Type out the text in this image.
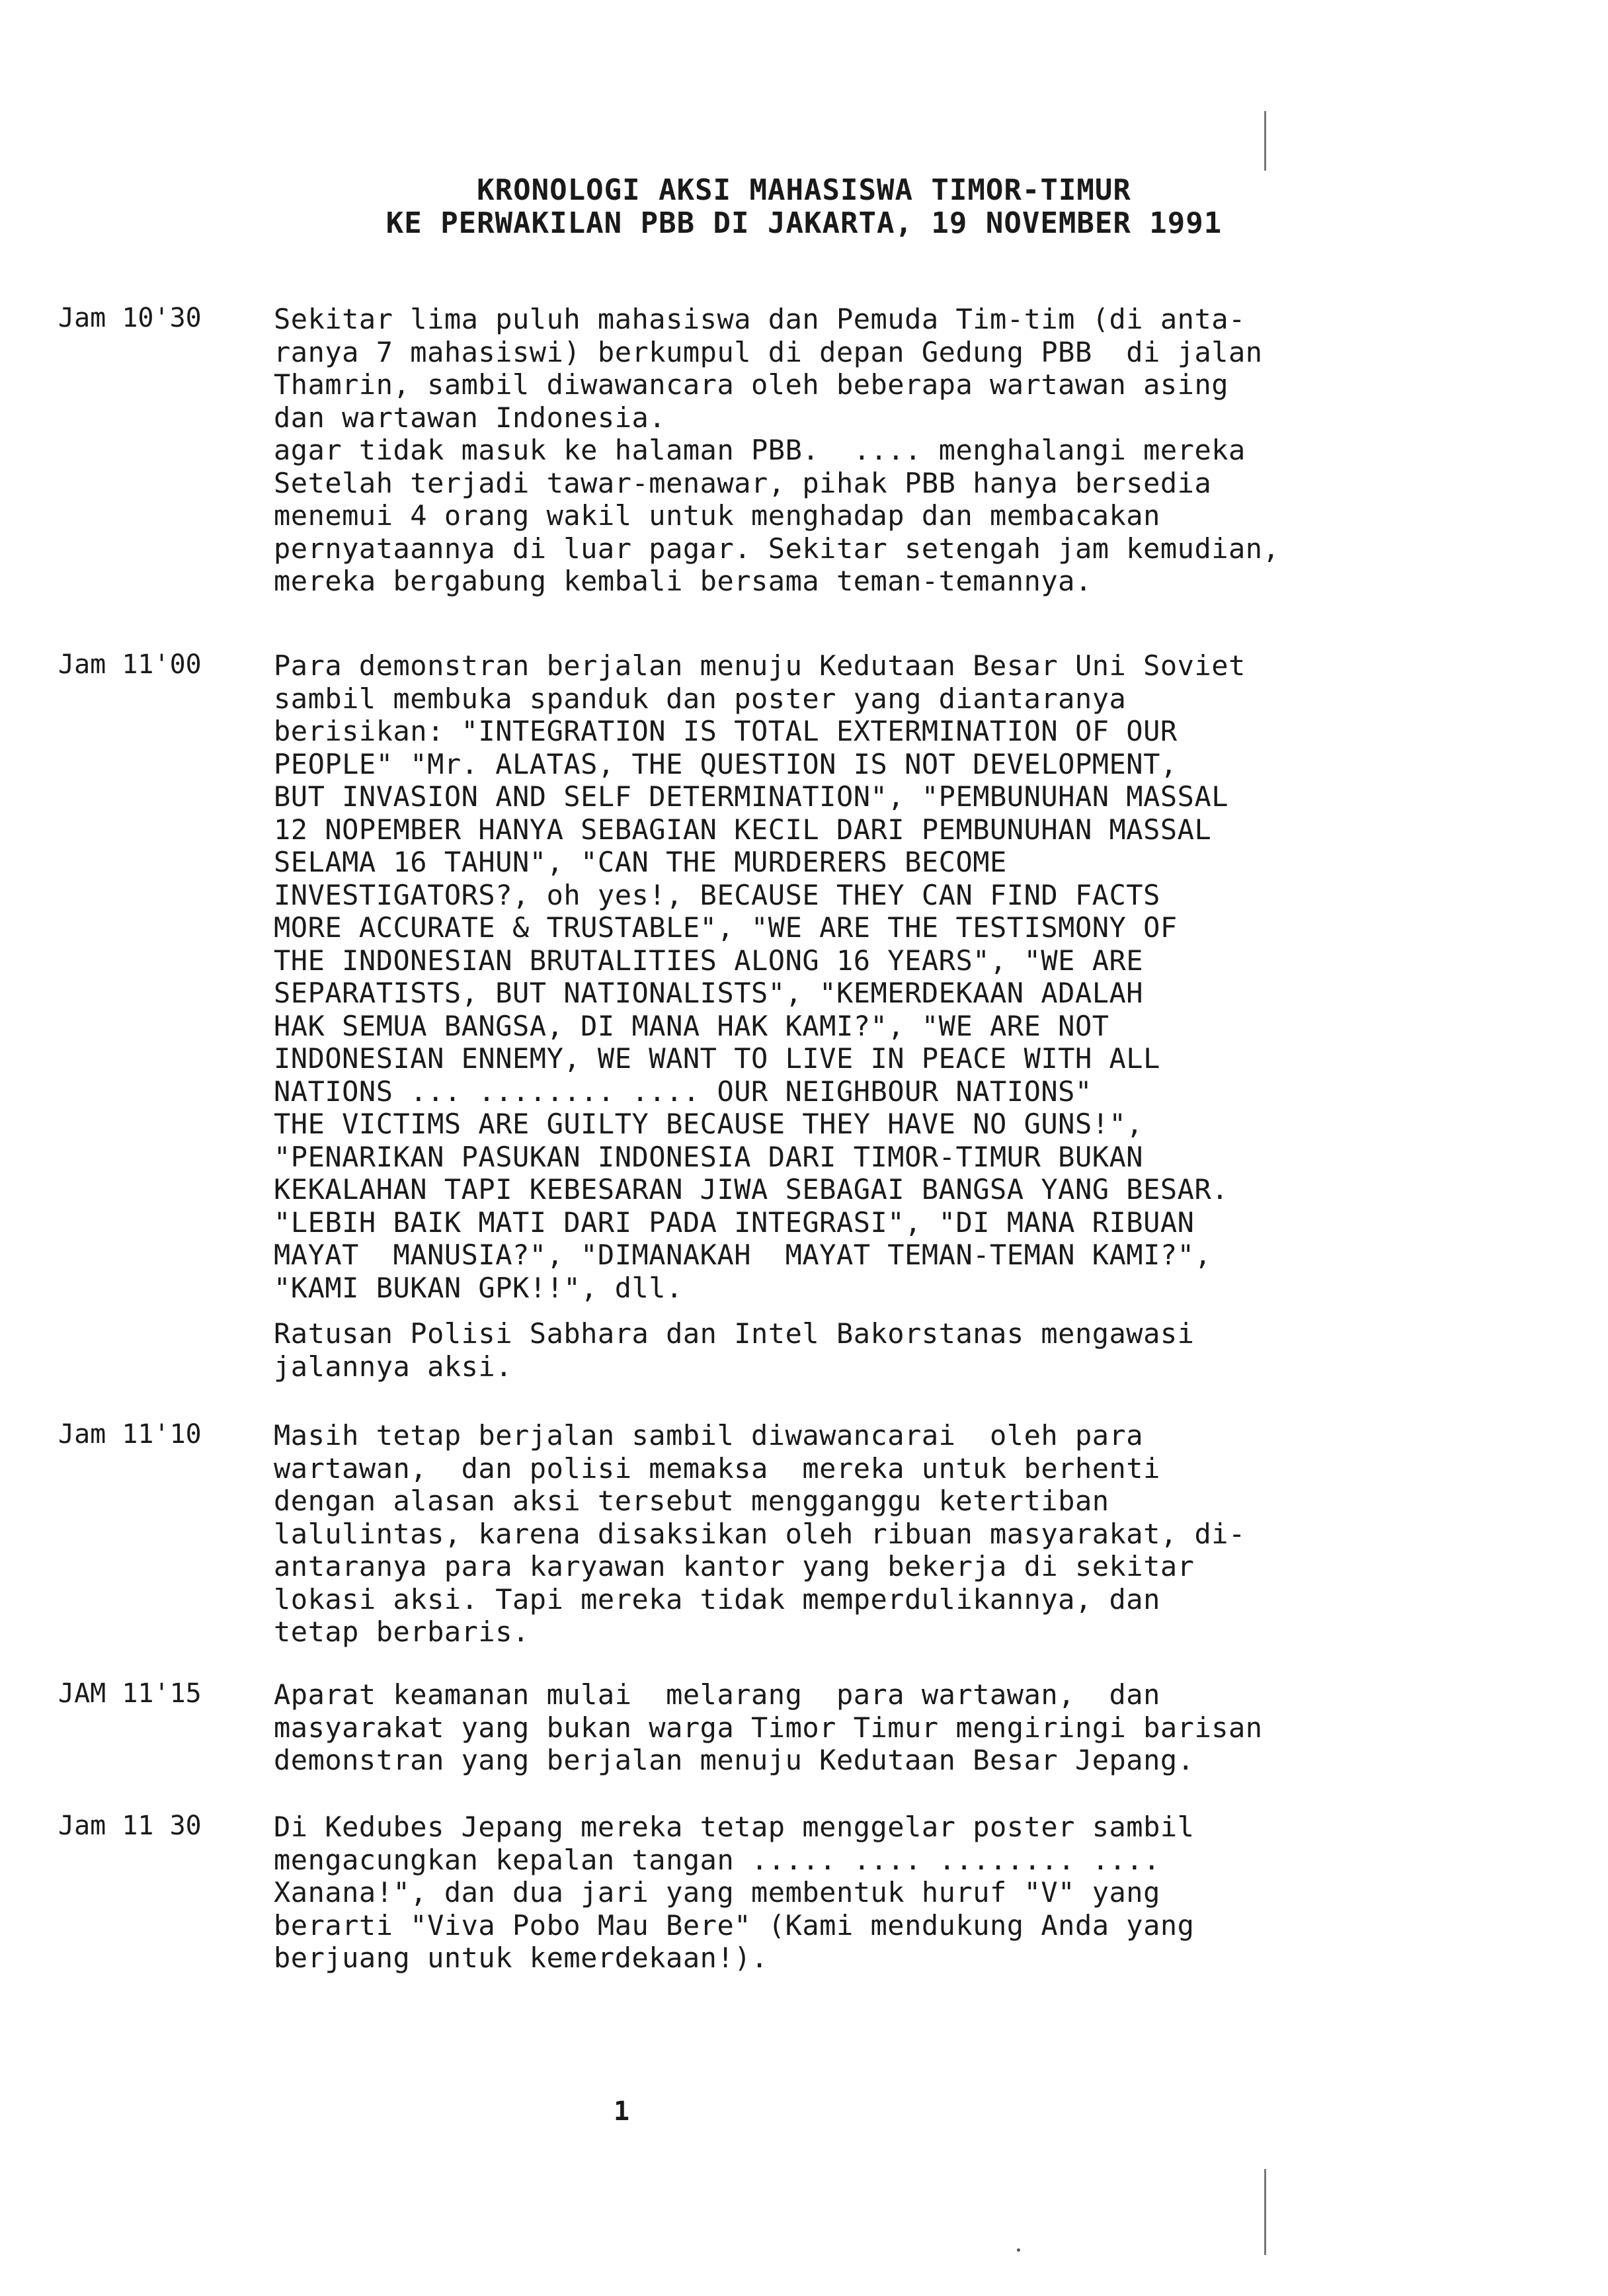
KRONOLOGI AKSI MAHASISWA TIMOR-TIMUR
KE PERWAKILAN PBB DI JAKARTA, 19 NOVEMBER 1991
Jam 10'30	Sekitar lima puluh mahasiswa dan Pemuda Tim-tim (di anta-
ranya 7 mahasiswi) berkumpul di depan Gedung PBB  di jalan
Thamrin, sambil diwawancara oleh beberapa wartawan asing
dan wartawan Indonesia.
agar tidak masuk ke halaman PBB.  .... menghalangi mereka
Setelah terjadi tawar-menawar, pihak PBB hanya bersedia
menemui 4 orang wakil untuk menghadap dan membacakan
pernyataannya di luar pagar. Sekitar setengah jam kemudian,
mereka bergabung kembali bersama teman-temannya.
Jam 11'00	Para demonstran berjalan menuju Kedutaan Besar Uni Soviet
sambil membuka spanduk dan poster yang diantaranya
berisikan: "INTEGRATION IS TOTAL EXTERMINATION OF OUR
PEOPLE" "Mr. ALATAS, THE QUESTION IS NOT DEVELOPMENT,
BUT INVASION AND SELF DETERMINATION", "PEMBUNUHAN MASSAL
12 NOPEMBER HANYA SEBAGIAN KECIL DARI PEMBUNUHAN MASSAL
SELAMA 16 TAHUN", "CAN THE MURDERERS BECOME
INVESTIGATORS?, oh yes!, BECAUSE THEY CAN FIND FACTS
MORE ACCURATE & TRUSTABLE", "WE ARE THE TESTISMONY OF
THE INDONESIAN BRUTALITIES ALONG 16 YEARS", "WE ARE
SEPARATISTS, BUT NATIONALISTS", "KEMERDEKAAN ADALAH
HAK SEMUA BANGSA, DI MANA HAK KAMI?", "WE ARE NOT
INDONESIAN ENNEMY, WE WANT TO LIVE IN PEACE WITH ALL
NATIONS ... ........ .... OUR NEIGHBOUR NATIONS"
THE VICTIMS ARE GUILTY BECAUSE THEY HAVE NO GUNS!",
"PENARIKAN PASUKAN INDONESIA DARI TIMOR-TIMUR BUKAN
KEKALAHAN TAPI KEBESARAN JIWA SEBAGAI BANGSA YANG BESAR.
"LEBIH BAIK MATI DARI PADA INTEGRASI", "DI MANA RIBUAN
MAYAT  MANUSIA?", "DIMANAKAH  MAYAT TEMAN-TEMAN KAMI?",
"KAMI BUKAN GPK!!", dll.
Ratusan Polisi Sabhara dan Intel Bakorstanas mengawasi
jalannya aksi.
Jam 11'10	Masih tetap berjalan sambil diwawancarai  oleh para
wartawan,  dan polisi memaksa  mereka untuk berhenti
dengan alasan aksi tersebut mengganggu ketertiban
lalulintas, karena disaksikan oleh ribuan masyarakat, di-
antaranya para karyawan kantor yang bekerja di sekitar
lokasi aksi. Tapi mereka tidak memperdulikannya, dan
tetap berbaris.
JAM 11'15	Aparat keamanan mulai  melarang  para wartawan,  dan
masyarakat yang bukan warga Timor Timur mengiringi barisan
demonstran yang berjalan menuju Kedutaan Besar Jepang.
Jam 11 30	Di Kedubes Jepang mereka tetap menggelar poster sambil
mengacungkan kepalan tangan ..... .... ........ ....
Xanana!", dan dua jari yang membentuk huruf "V" yang
berarti "Viva Pobo Mau Bere" (Kami mendukung Anda yang
berjuang untuk kemerdekaan!).
1
